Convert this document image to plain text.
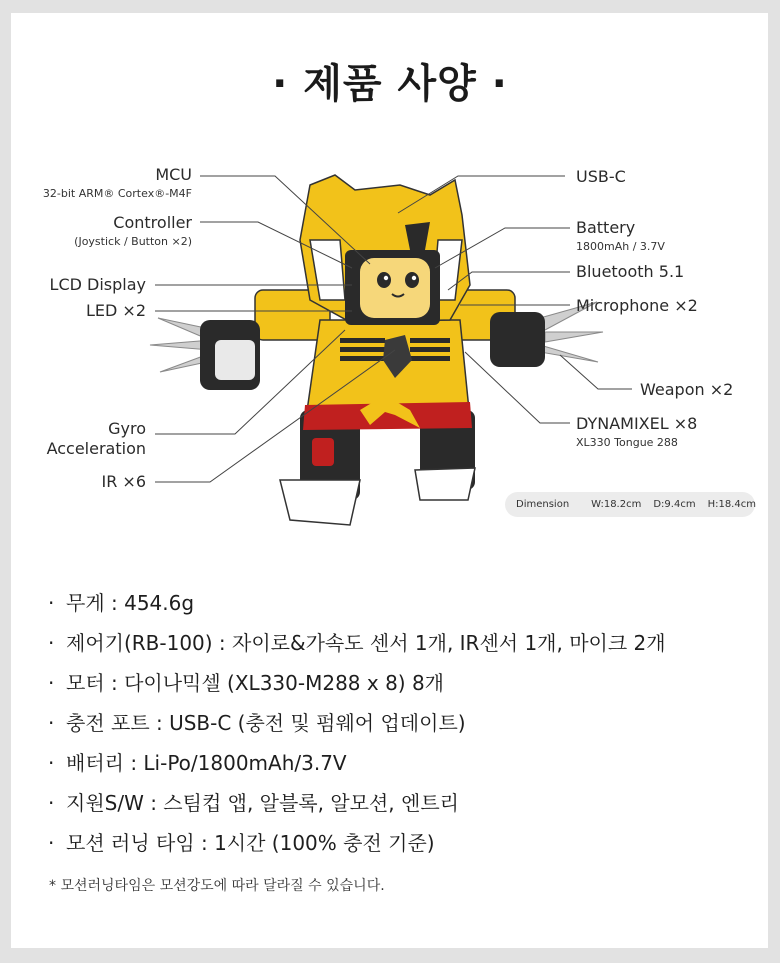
· 제품 사양 ·
MCU
32-bit ARM® Cortex®-M4F
Controller
(Joystick / Button ×2)
LCD Display
LED ×2
Gyro
Acceleration
IR ×6
USB-C
Battery
1800mAh / 3.7V
Bluetooth 5.1
Microphone ×2
Weapon ×2
DYNAMIXEL ×8
XL330 Tongue 288
Dimension W:18.2cm D:9.4cm H:18.4cm
· 무게 : 454.6g
· 제어기(RB-100) : 자이로&가속도 센서 1개, IR센서 1개, 마이크 2개
· 모터 : 다이나믹셀 (XL330-M288 x 8) 8개
· 충전 포트 : USB-C (충전 및 펌웨어 업데이트)
· 배터리 : Li-Po/1800mAh/3.7V
· 지원S/W : 스팀컵 앱, 알블록, 알모션, 엔트리
· 모션 러닝 타임 : 1시간 (100% 충전 기준)
* 모션러닝타임은 모션강도에 따라 달라질 수 있습니다.
